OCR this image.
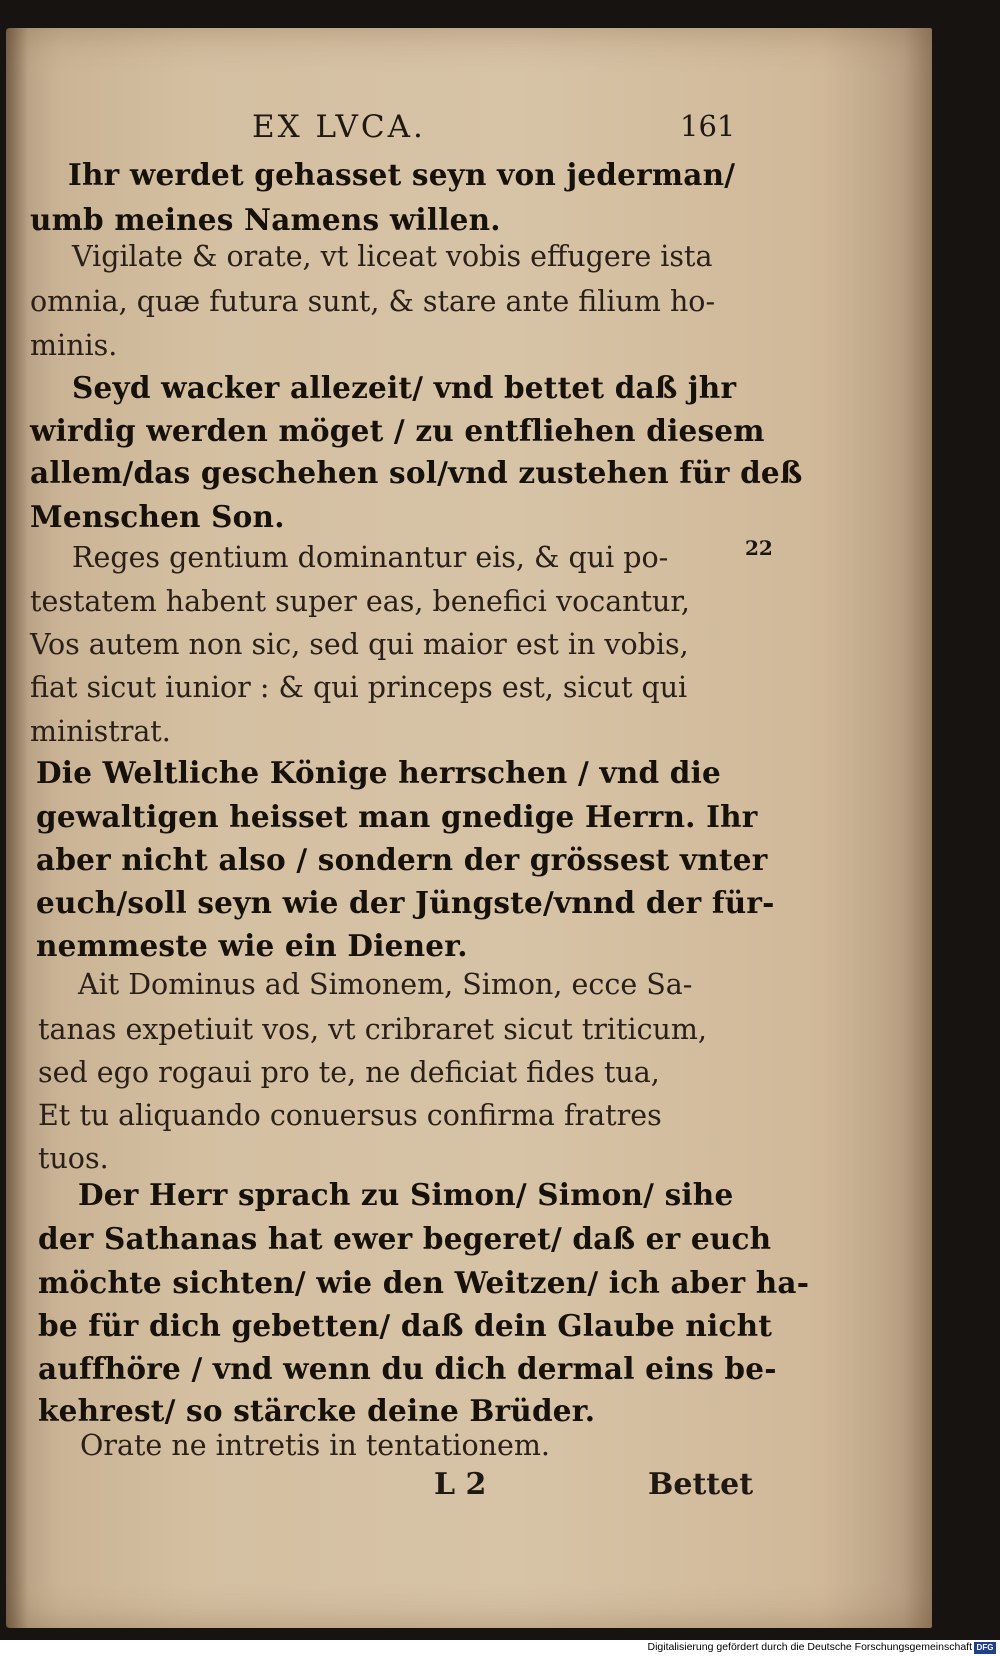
EX LVCA.	161
Ihr werdet gehasset seyn von jederman/
umb meines Namens willen.
Vigilate & orate, vt liceat vobis effugere ista
omnia, quæ futura sunt, & stare ante filium ho-
minis.
Seyd wacker allezeit/ vnd bettet daß jhr
wirdig werden möget / zu entfliehen diesem
allem/das geschehen sol/vnd zustehen für deß
Menschen Son.
Reges gentium dominantur eis, & qui po-
testatem habent super eas, benefici vocantur,
Vos autem non sic, sed qui maior est in vobis,
fiat sicut iunior : & qui princeps est, sicut qui
ministrat.
Die Weltliche Könige herrschen / vnd die
gewaltigen heisset man gnedige Herrn. Ihr
aber nicht also / sondern der grössest vnter
euch/soll seyn wie der Jüngste/vnnd der für-
nemmeste wie ein Diener.
Ait Dominus ad Simonem, Simon, ecce Sa-
tanas expetiuit vos, vt cribraret sicut triticum,
sed ego rogaui pro te, ne deficiat fides tua,
Et tu aliquando conuersus confirma fratres
tuos.
Der Herr sprach zu Simon/ Simon/ sihe
der Sathanas hat ewer begeret/ daß er euch
möchte sichten/ wie den Weitzen/ ich aber ha-
be für dich gebetten/ daß dein Glaube nicht
auffhöre / vnd wenn du dich dermal eins be-
kehrest/ so stärcke deine Brüder.
Orate ne intretis in tentationem.
22
L 2	Bettet
Digitalisierung gefördert durch die Deutsche Forschungsgemeinschaft DFG
